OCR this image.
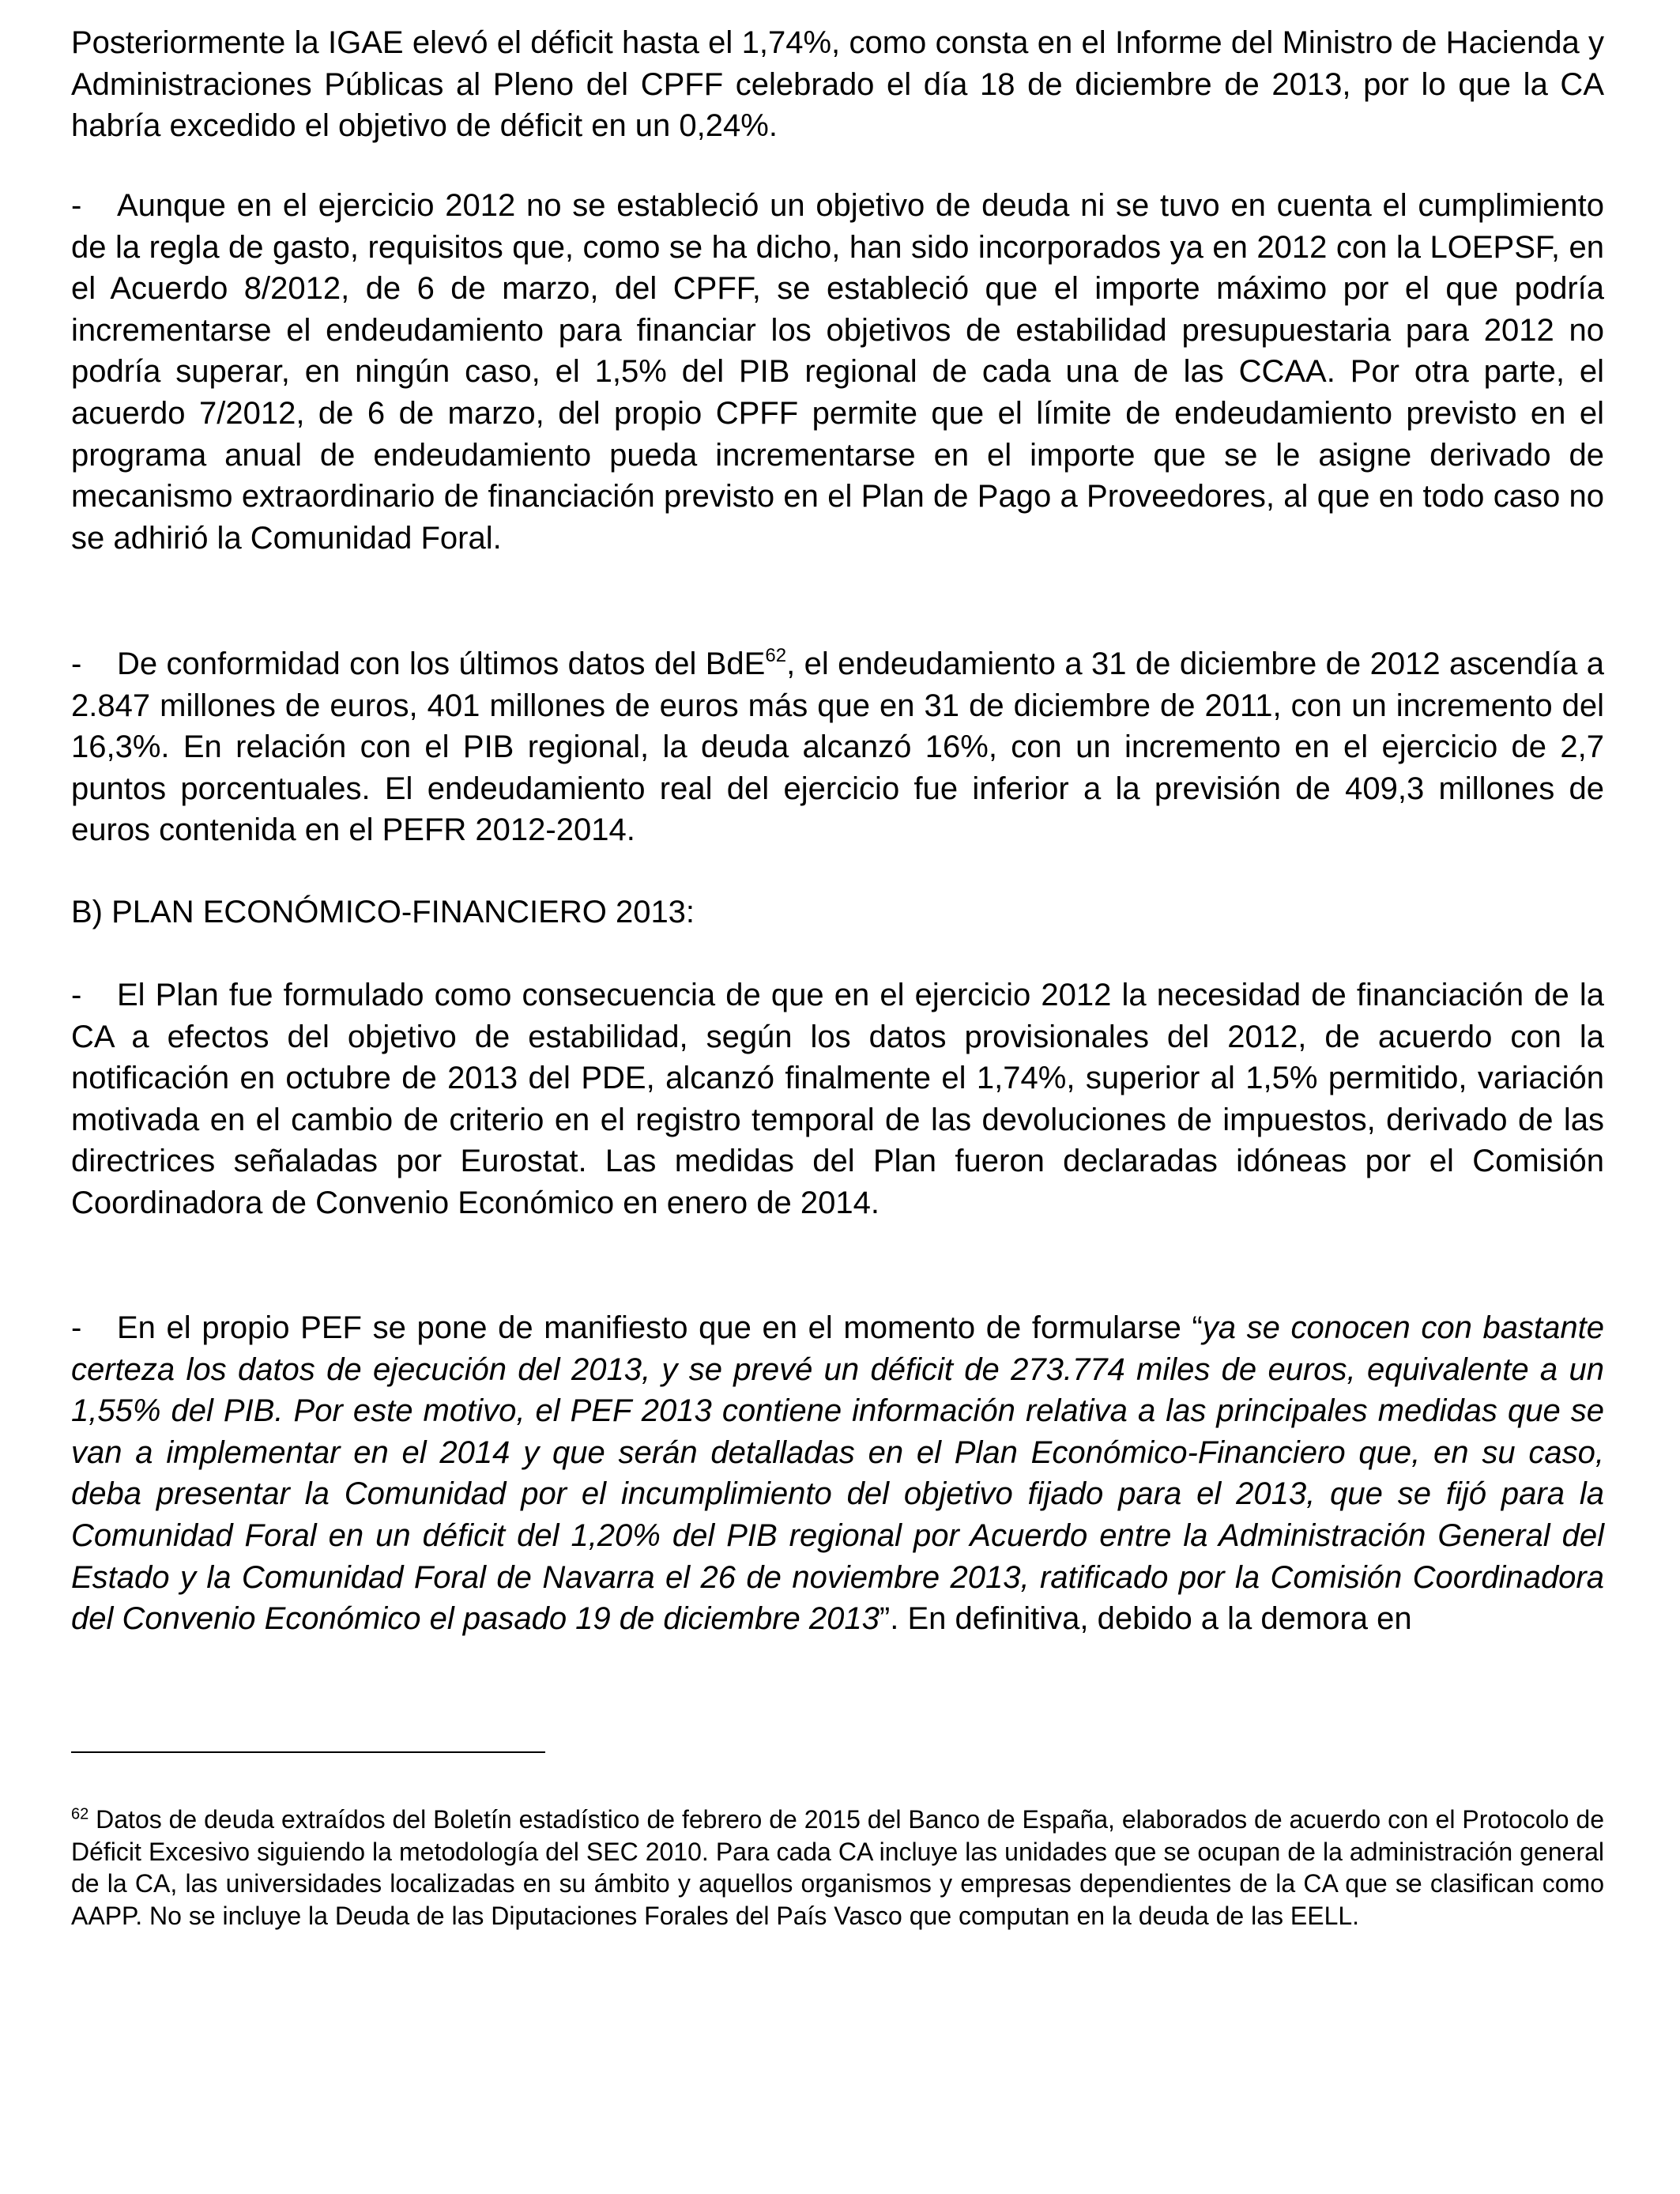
Posteriormente la IGAE elevó el déficit hasta el 1,74%, como consta en el Informe del Ministro de Hacienda y Administraciones Públicas al Pleno del CPFF celebrado el día 18 de diciembre de 2013, por lo que la CA habría excedido el objetivo de déficit en un 0,24%.

- Aunque en el ejercicio 2012 no se estableció un objetivo de deuda ni se tuvo en cuenta el cumplimiento de la regla de gasto, requisitos que, como se ha dicho, han sido incorporados ya en 2012 con la LOEPSF, en el Acuerdo 8/2012, de 6 de marzo, del CPFF, se estableció que el importe máximo por el que podría incrementarse el endeudamiento para financiar los objetivos de estabilidad presupuestaria para 2012 no podría superar, en ningún caso, el 1,5% del PIB regional de cada una de las CCAA. Por otra parte, el acuerdo 7/2012, de 6 de marzo, del propio CPFF permite que el límite de endeudamiento previsto en el programa anual de endeudamiento pueda incrementarse en el importe que se le asigne derivado de mecanismo extraordinario de financiación previsto en el Plan de Pago a Proveedores, al que en todo caso no se adhirió la Comunidad Foral.

- De conformidad con los últimos datos del BdE$^{62}$, el endeudamiento a 31 de diciembre de 2012 ascendía a 2.847 millones de euros, 401 millones de euros más que en 31 de diciembre de 2011, con un incremento del 16,3%. En relación con el PIB regional, la deuda alcanzó 16%, con un incremento en el ejercicio de 2,7 puntos porcentuales. El endeudamiento real del ejercicio fue inferior a la previsión de 409,3 millones de euros contenida en el PEFR 2012-2014.

B) PLAN ECONÓMICO-FINANCIERO 2013:

- El Plan fue formulado como consecuencia de que en el ejercicio 2012 la necesidad de financiación de la CA a efectos del objetivo de estabilidad, según los datos provisionales del 2012, de acuerdo con la notificación en octubre de 2013 del PDE, alcanzó finalmente el 1,74%, superior al 1,5% permitido, variación motivada en el cambio de criterio en el registro temporal de las devoluciones de impuestos, derivado de las directrices señaladas por Eurostat. Las medidas del Plan fueron declaradas idóneas por el Comisión Coordinadora de Convenio Económico en enero de 2014.

- En el propio PEF se pone de manifiesto que en el momento de formularse “ya se conocen con bastante certeza los datos de ejecución del 2013, y se prevé un déficit de 273.774 miles de euros, equivalente a un 1,55% del PIB. Por este motivo, el PEF 2013 contiene información relativa a las principales medidas que se van a implementar en el 2014 y que serán detalladas en el Plan Económico-Financiero que, en su caso, deba presentar la Comunidad por el incumplimiento del objetivo fijado para el 2013, que se fijó para la Comunidad Foral en un déficit del 1,20% del PIB regional por Acuerdo entre la Administración General del Estado y la Comunidad Foral de Navarra el 26 de noviembre 2013, ratificado por la Comisión Coordinadora del Convenio Económico el pasado 19 de diciembre 2013”. En definitiva, debido a la demora en

$^{62}$ Datos de deuda extraídos del Boletín estadístico de febrero de 2015 del Banco de España, elaborados de acuerdo con el Protocolo de Déficit Excesivo siguiendo la metodología del SEC 2010. Para cada CA incluye las unidades que se ocupan de la administración general de la CA, las universidades localizadas en su ámbito y aquellos organismos y empresas dependientes de la CA que se clasifican como AAPP. No se incluye la Deuda de las Diputaciones Forales del País Vasco que computan en la deuda de las EELL.
